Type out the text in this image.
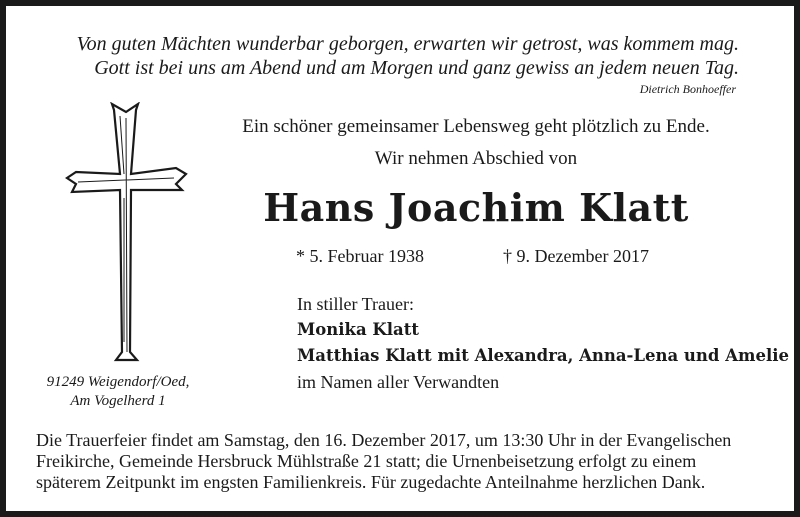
Von guten Mächten wunderbar geborgen, erwarten wir getrost, was kommem mag.
Gott ist bei uns am Abend und am Morgen und ganz gewiss an jedem neuen Tag.
Dietrich Bonhoeffer
91249 Weigendorf/Oed,
Am Vogelherd 1
Ein schöner gemeinsamer Lebensweg geht plötzlich zu Ende.
Wir nehmen Abschied von
Hans Joachim Klatt
* 5. Februar 1938	† 9. Dezember 2017
In stiller Trauer:
Monika Klatt
Matthias Klatt mit Alexandra, Anna-Lena und Amelie
im Namen aller Verwandten
Die Trauerfeier findet am Samstag, den 16. Dezember 2017, um 13:30 Uhr in der Evangelischen
Freikirche, Gemeinde Hersbruck Mühlstraße 21 statt; die Urnenbeisetzung erfolgt zu einem
späterem Zeitpunkt im engsten Familienkreis. Für zugedachte Anteilnahme herzlichen Dank.
